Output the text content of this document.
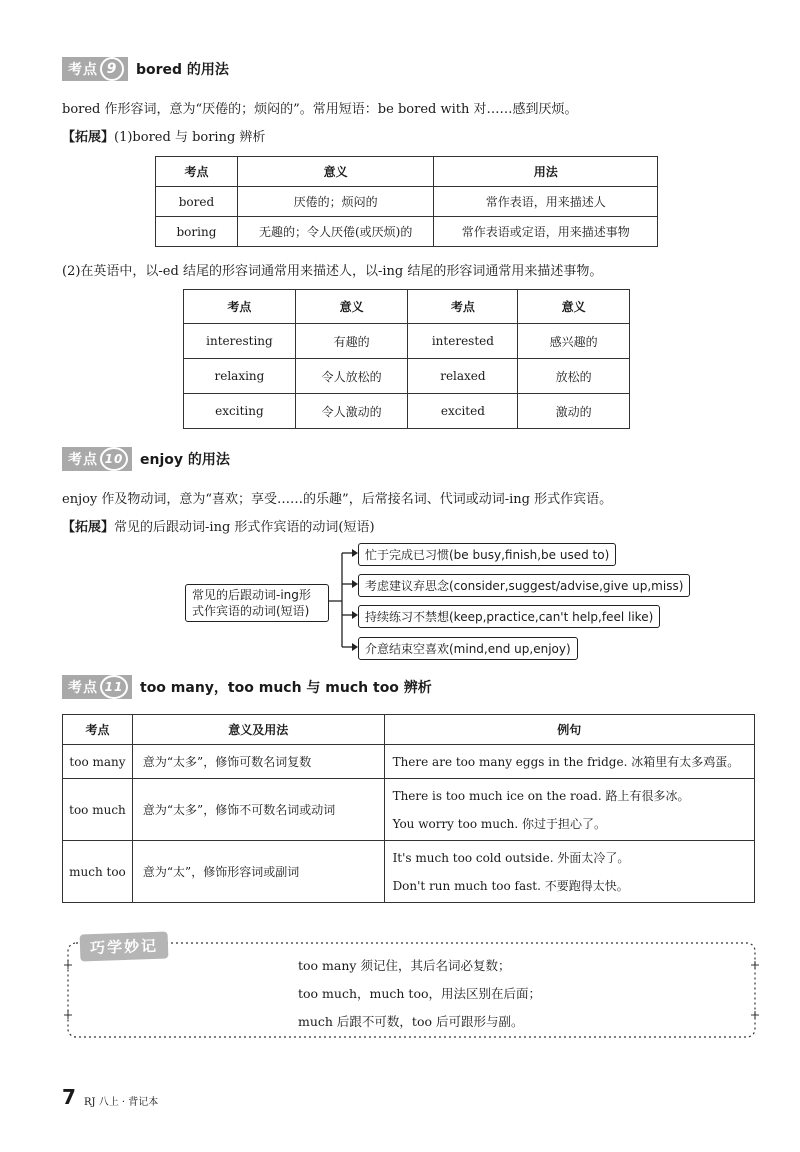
考点 9	bored 的用法
bored 作形容词，意为“厌倦的；烦闷的”。常用短语：be bored with 对……感到厌烦。
【拓展】(1)bored 与 boring 辨析
考点	意义	用法
bored	厌倦的；烦闷的	常作表语，用来描述人
boring	无趣的；令人厌倦(或厌烦)的	常作表语或定语，用来描述事物
(2)在英语中，以-ed 结尾的形容词通常用来描述人，以-ing 结尾的形容词通常用来描述事物。
考点	意义	考点	意义
interesting	有趣的	interested	感兴趣的
relaxing	令人放松的	relaxed	放松的
exciting	令人激动的	excited	激动的
考点 10	enjoy 的用法
enjoy 作及物动词，意为“喜欢；享受……的乐趣”，后常接名词、代词或动词-ing 形式作宾语。
【拓展】常见的后跟动词-ing 形式作宾语的动词(短语)
常见的后跟动词-ing形
式作宾语的动词(短语)
忙于完成已习惯(be busy,finish,be used to)
考虑建议弃思念(consider,suggest/advise,give up,miss)
持续练习不禁想(keep,practice,can't help,feel like)
介意结束空喜欢(mind,end up,enjoy)
考点 11	too many，too much 与 much too 辨析
考点	意义及用法	例句
too many	意为“太多”，修饰可数名词复数	There are too many eggs in the fridge. 冰箱里有太多鸡蛋。
too much	意为“太多”，修饰不可数名词或动词	There is too much ice on the road. 路上有很多冰。
You worry too much. 你过于担心了。

much too	意为“太”，修饰形容词或副词	It's much too cold outside. 外面太冷了。
Don't run much too fast. 不要跑得太快。
巧学妙记
too many 须记住，其后名词必复数；
too much，much too，用法区别在后面；
much 后跟不可数，too 后可跟形与副。
7 RJ 八上 · 背记本
